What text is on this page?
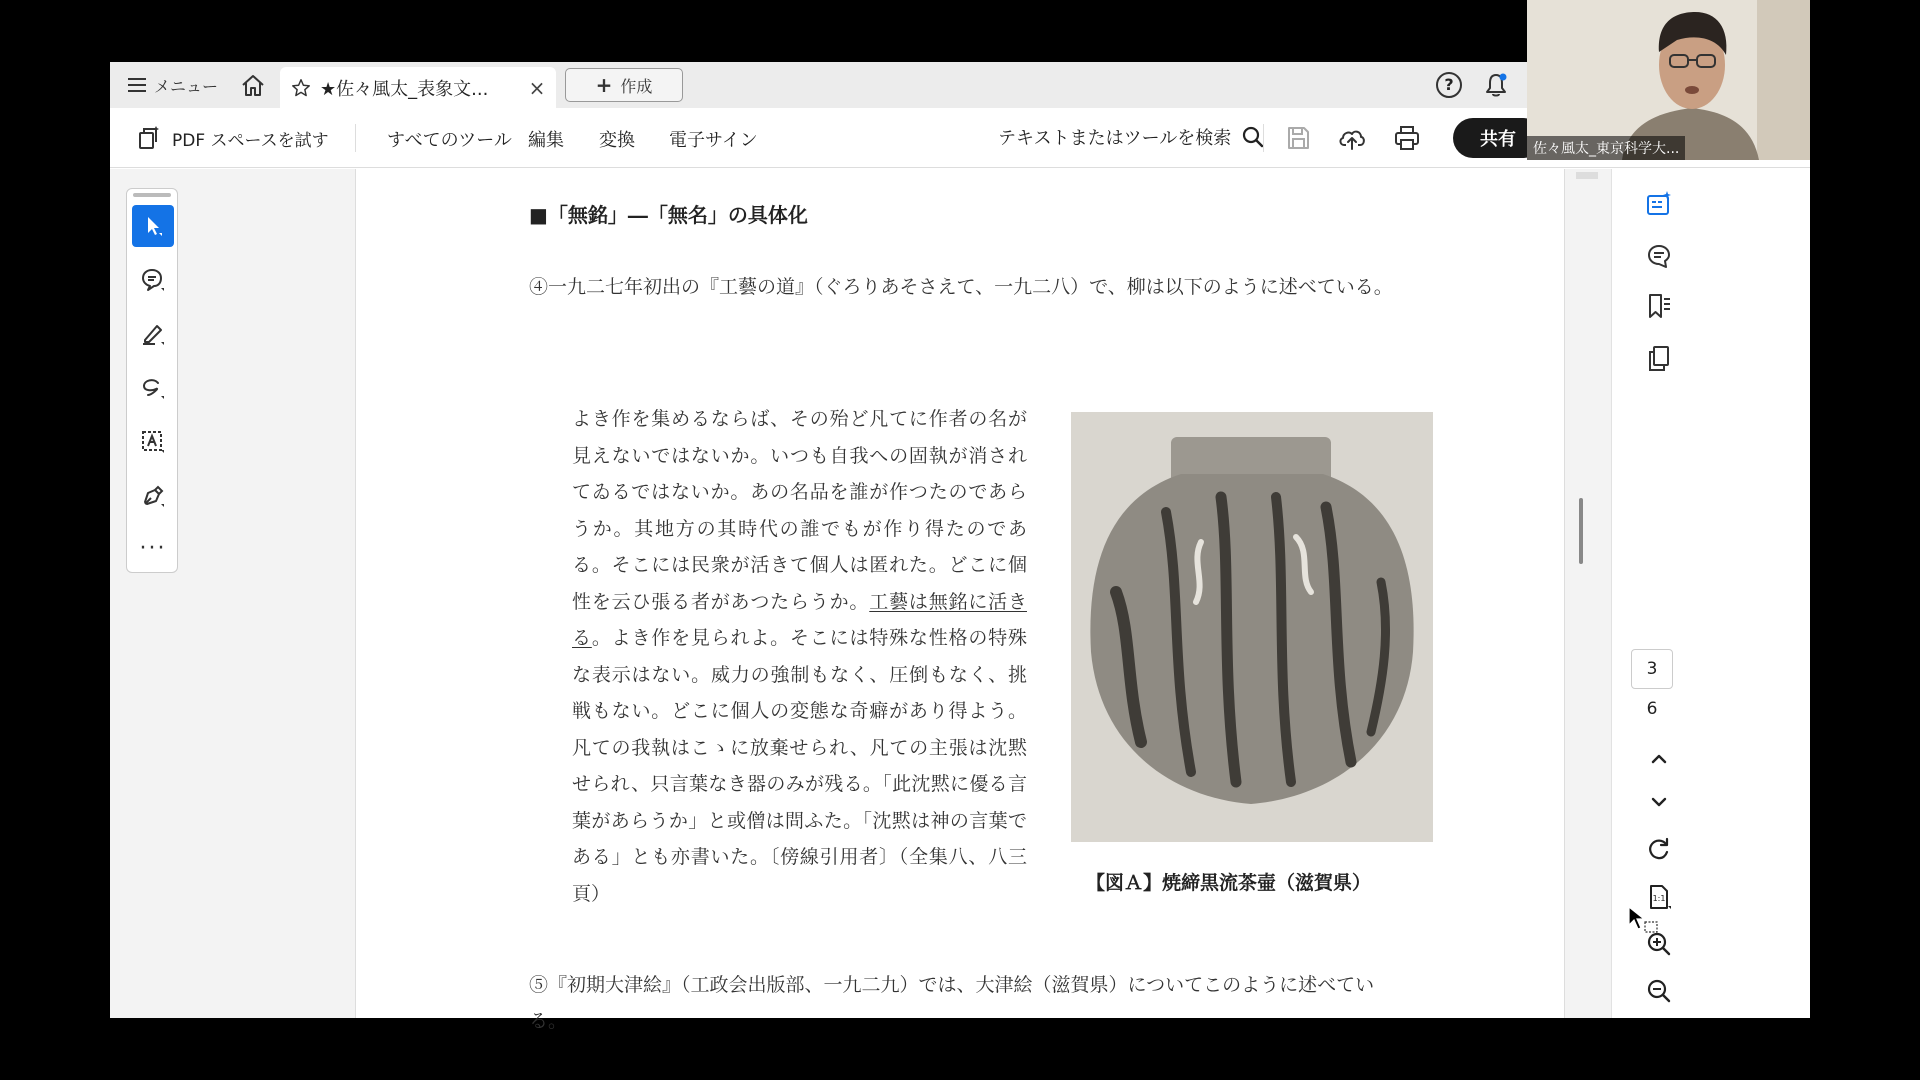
メニュー	★佐々風太_表象文...	×	+ 作成	?
PDF スペースを試す	すべてのツール 編集 変換 電子サイン	テキストまたはツールを検索	共有
···
■「無銘」―「無名」の具体化
④一九二七年初出の『工藝の道』（ぐろりあそさえて、一九二八）で、柳は以下のように述べている。
よき作を集めるならば、その殆ど凡てに作者の名が見えないではないか。いつも自我への固執が消されてゐるではないか。あの名品を誰が作つたのであらうか。其地方の其時代の誰でもが作り得たのである。そこには民衆が活きて個人は匿れた。どこに個性を云ひ張る者があつたらうか。工藝は無銘に活きる。よき作を見られよ。そこには特殊な性格の特殊な表示はない。威力の強制もなく、圧倒もなく、挑戦もない。どこに個人の変態な奇癖があり得よう。凡ての我執はこゝに放棄せられ、凡ての主張は沈黙せられ、只言葉なき器のみが残る。「此沈黙に優る言葉があらうか」と或僧は問ふた。「沈黙は神の言葉である」とも亦書いた。〔傍線引用者〕（全集八、八三頁）	【図Ａ】焼締黒流茶壷（滋賀県）
⑤『初期大津絵』（工政会出版部、一九二九）では、大津絵（滋賀県）についてこのように述べている。
3
6
1:1
佐々風太_東京科学大...
